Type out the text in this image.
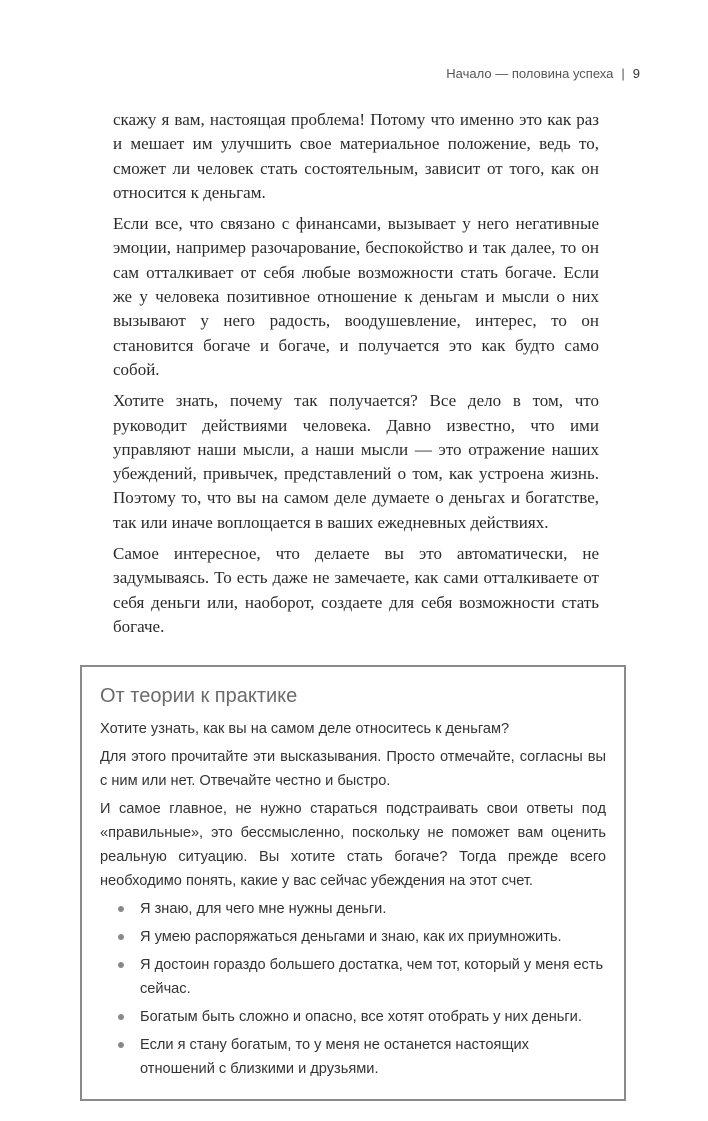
Начало — половина успеха | 9

скажу я вам, настоящая проблема! Потому что именно это как раз и мешает им улучшить свое материальное положение, ведь то, сможет ли человек стать состоятельным, зависит от того, как он относится к деньгам.

Если все, что связано с финансами, вызывает у него негативные эмоции, например разочарование, беспокойство и так далее, то он сам отталкивает от себя любые возможности стать богаче. Если же у человека позитивное отношение к деньгам и мысли о них вызывают у него радость, воодушевление, интерес, то он становится богаче и богаче, и получается это как будто само собой.

Хотите знать, почему так получается? Все дело в том, что руководит действиями человека. Давно известно, что ими управляют наши мысли, а наши мысли — это отражение наших убеждений, привычек, представлений о том, как устроена жизнь. Поэтому то, что вы на самом деле думаете о деньгах и богатстве, так или иначе воплощается в ваших ежедневных действиях.

Самое интересное, что делаете вы это автоматически, не задумываясь. То есть даже не замечаете, как сами отталкиваете от себя деньги или, наоборот, создаете для себя возможности стать богаче.

От теории к практике

Хотите узнать, как вы на самом деле относитесь к деньгам?

Для этого прочитайте эти высказывания. Просто отмечайте, согласны вы с ним или нет. Отвечайте честно и быстро.

И самое главное, не нужно стараться подстраивать свои ответы под «правильные», это бессмысленно, поскольку не поможет вам оценить реальную ситуацию. Вы хотите стать богаче? Тогда прежде всего необходимо понять, какие у вас сейчас убеждения на этот счет.

Я знаю, для чего мне нужны деньги.
Я умею распоряжаться деньгами и знаю, как их приумножить.
Я достоин гораздо большего достатка, чем тот, который у меня есть сейчас.
Богатым быть сложно и опасно, все хотят отобрать у них деньги.
Если я стану богатым, то у меня не останется настоящих отношений с близкими и друзьями.
